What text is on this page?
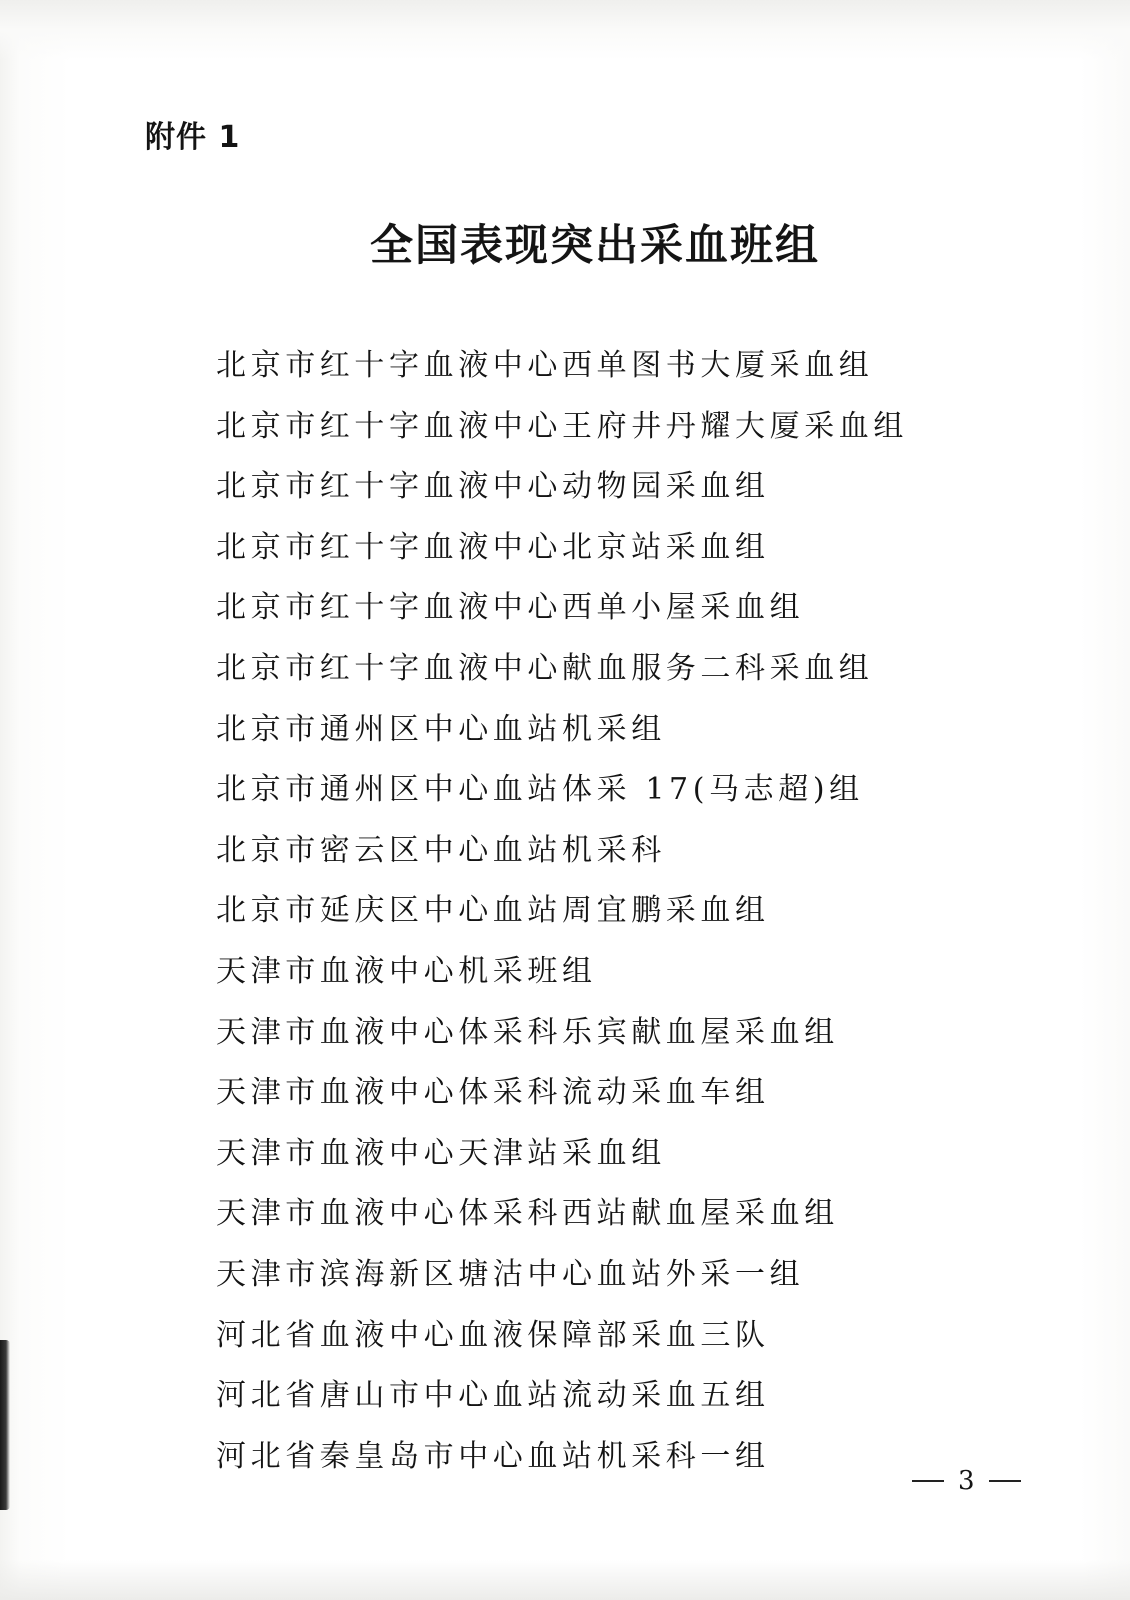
附件 1
全国表现突出采血班组
北京市红十字血液中心西单图书大厦采血组
北京市红十字血液中心王府井丹耀大厦采血组
北京市红十字血液中心动物园采血组
北京市红十字血液中心北京站采血组
北京市红十字血液中心西单小屋采血组
北京市红十字血液中心献血服务二科采血组
北京市通州区中心血站机采组
北京市通州区中心血站体采 17(马志超)组
北京市密云区中心血站机采科
北京市延庆区中心血站周宜鹏采血组
天津市血液中心机采班组
天津市血液中心体采科乐宾献血屋采血组
天津市血液中心体采科流动采血车组
天津市血液中心天津站采血组
天津市血液中心体采科西站献血屋采血组
天津市滨海新区塘沽中心血站外采一组
河北省血液中心血液保障部采血三队
河北省唐山市中心血站流动采血五组
河北省秦皇岛市中心血站机采科一组
3
